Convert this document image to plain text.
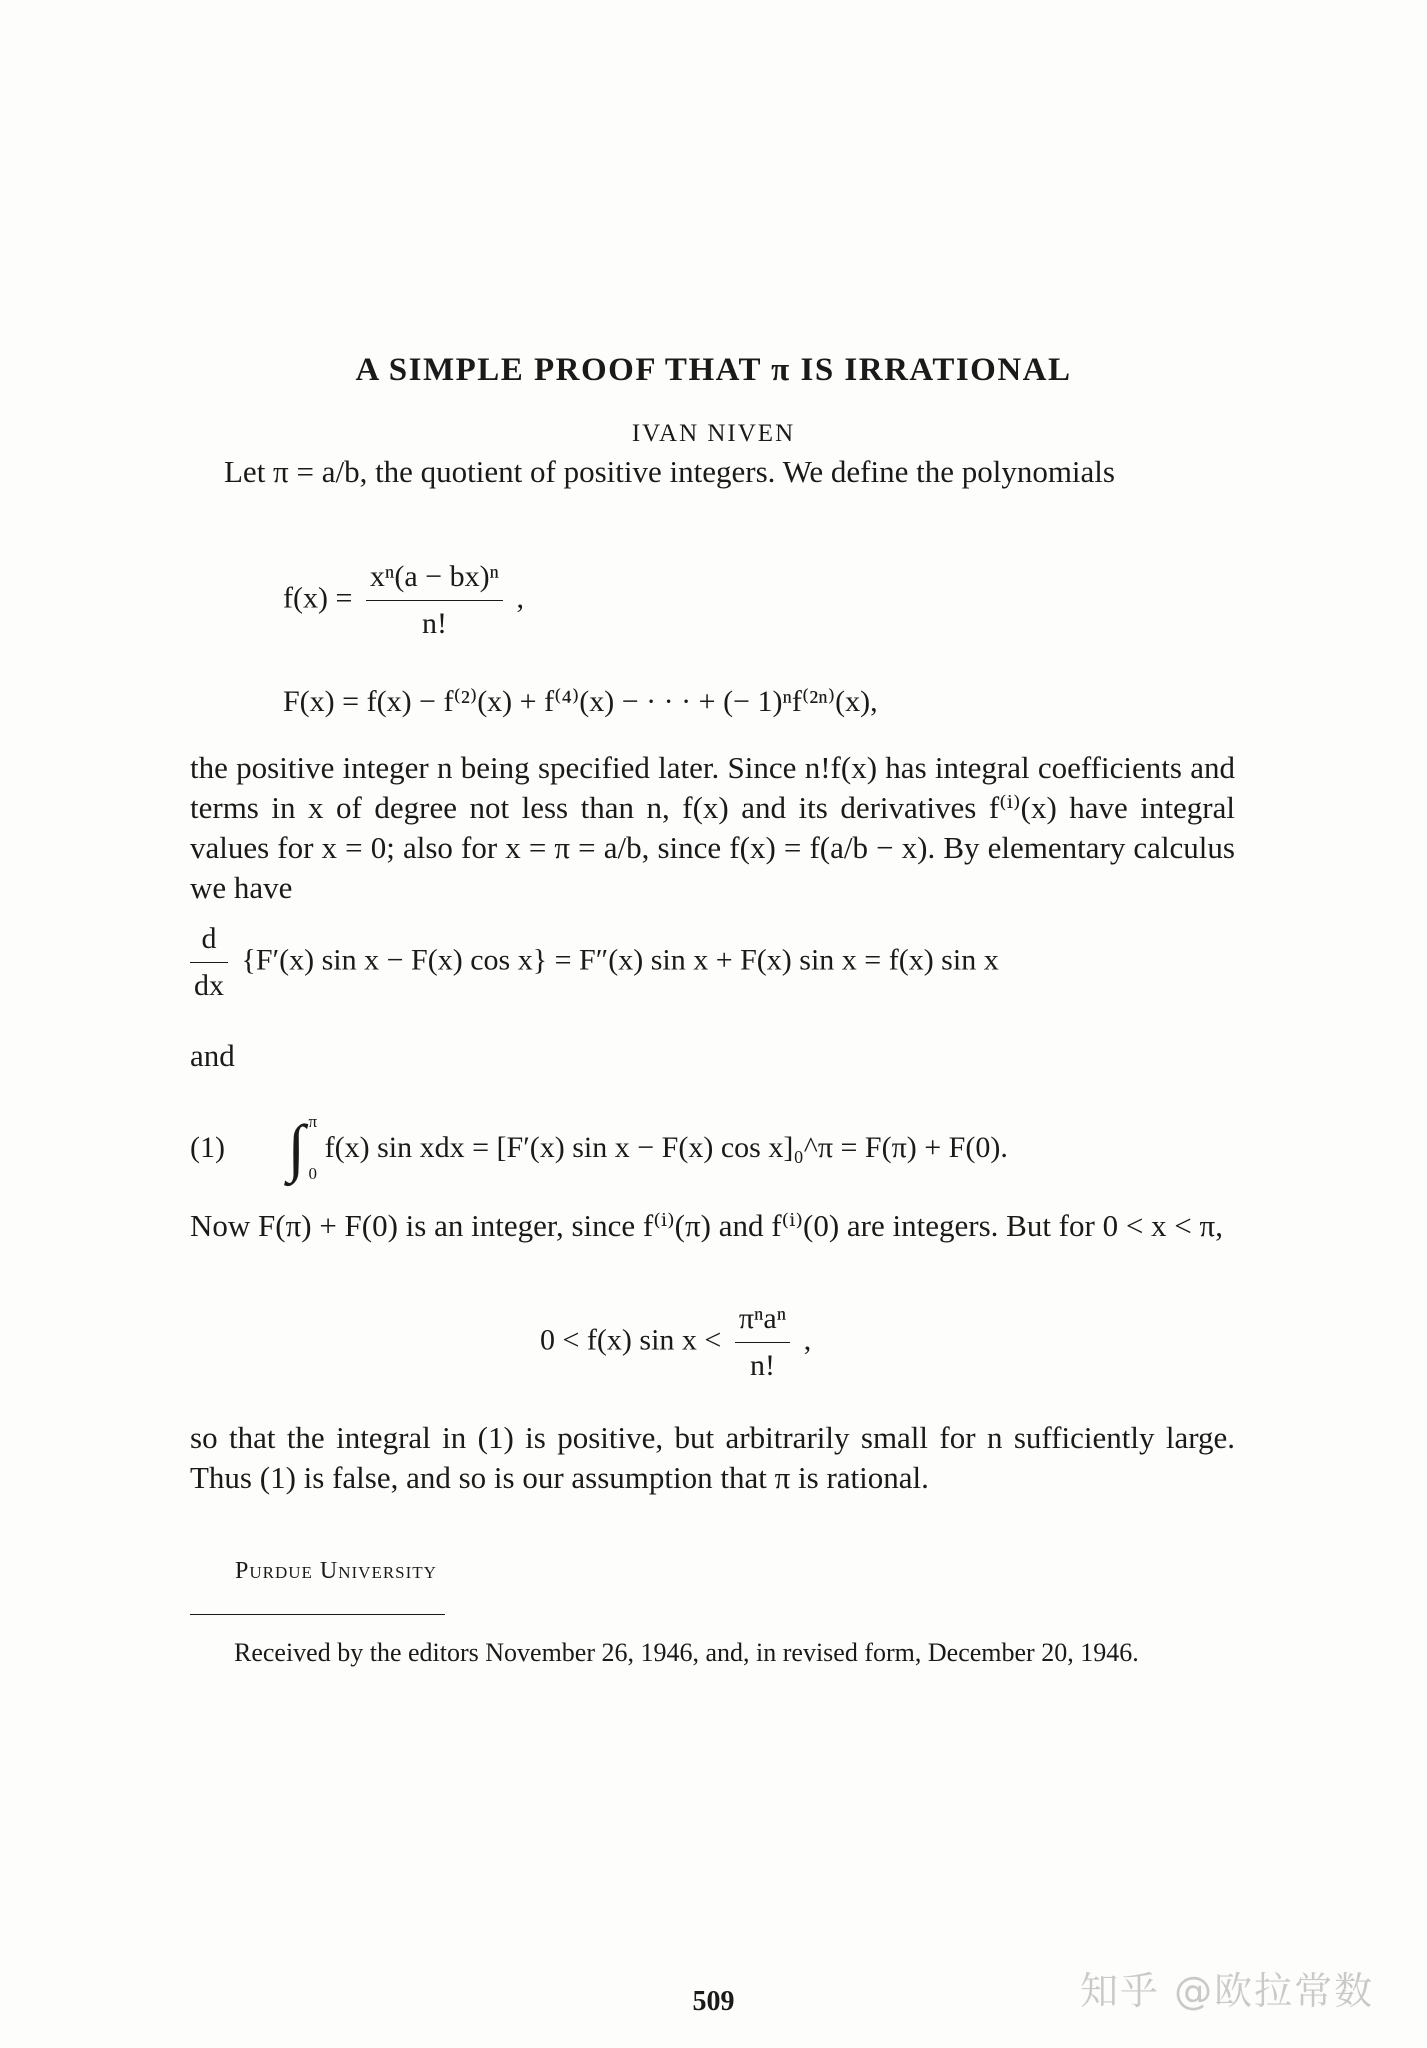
A SIMPLE PROOF THAT π IS IRRATIONAL
IVAN NIVEN
Let π = a/b, the quotient of positive integers. We define the polynomials
$f(x) = \frac{\text{xⁿ(a − bx)ⁿ}}{n!}$ ,
F(x) = f(x) − f⁽²⁾(x) + f⁽⁴⁾(x) − · · · + (− 1)ⁿf⁽²ⁿ⁾(x),
the positive integer n being specified later. Since n!f(x) has integral coefficients and terms in x of degree not less than n, f(x) and its derivatives f⁽ⁱ⁾(x) have integral values for x = 0; also for x = π = a/b, since f(x) = f(a/b − x). By elementary calculus we have
$\frac{d}{dx} \{F'(x)$ sin x − F(x) cos x} = F″(x) sin x + F(x) sin x = f(x) sin x
and
(1) ∫ π
0
f(x) sin xdx = [F′(x) sin x − F(x) cos x]₀^π = F(π) + F(0).
Now F(π) + F(0) is an integer, since f⁽ⁱ⁾(π) and f⁽ⁱ⁾(0) are integers. But for 0 < x < π,
0 < f(x) $\sin x < \frac{\text{πⁿaⁿ}}{n!}$ ,
so that the integral in (1) is positive, but arbitrarily small for n sufficiently large. Thus (1) is false, and so is our assumption that π is rational.
Purdue University
Received by the editors November 26, 1946, and, in revised form, December 20, 1946.
509	知乎 @欧拉常数
